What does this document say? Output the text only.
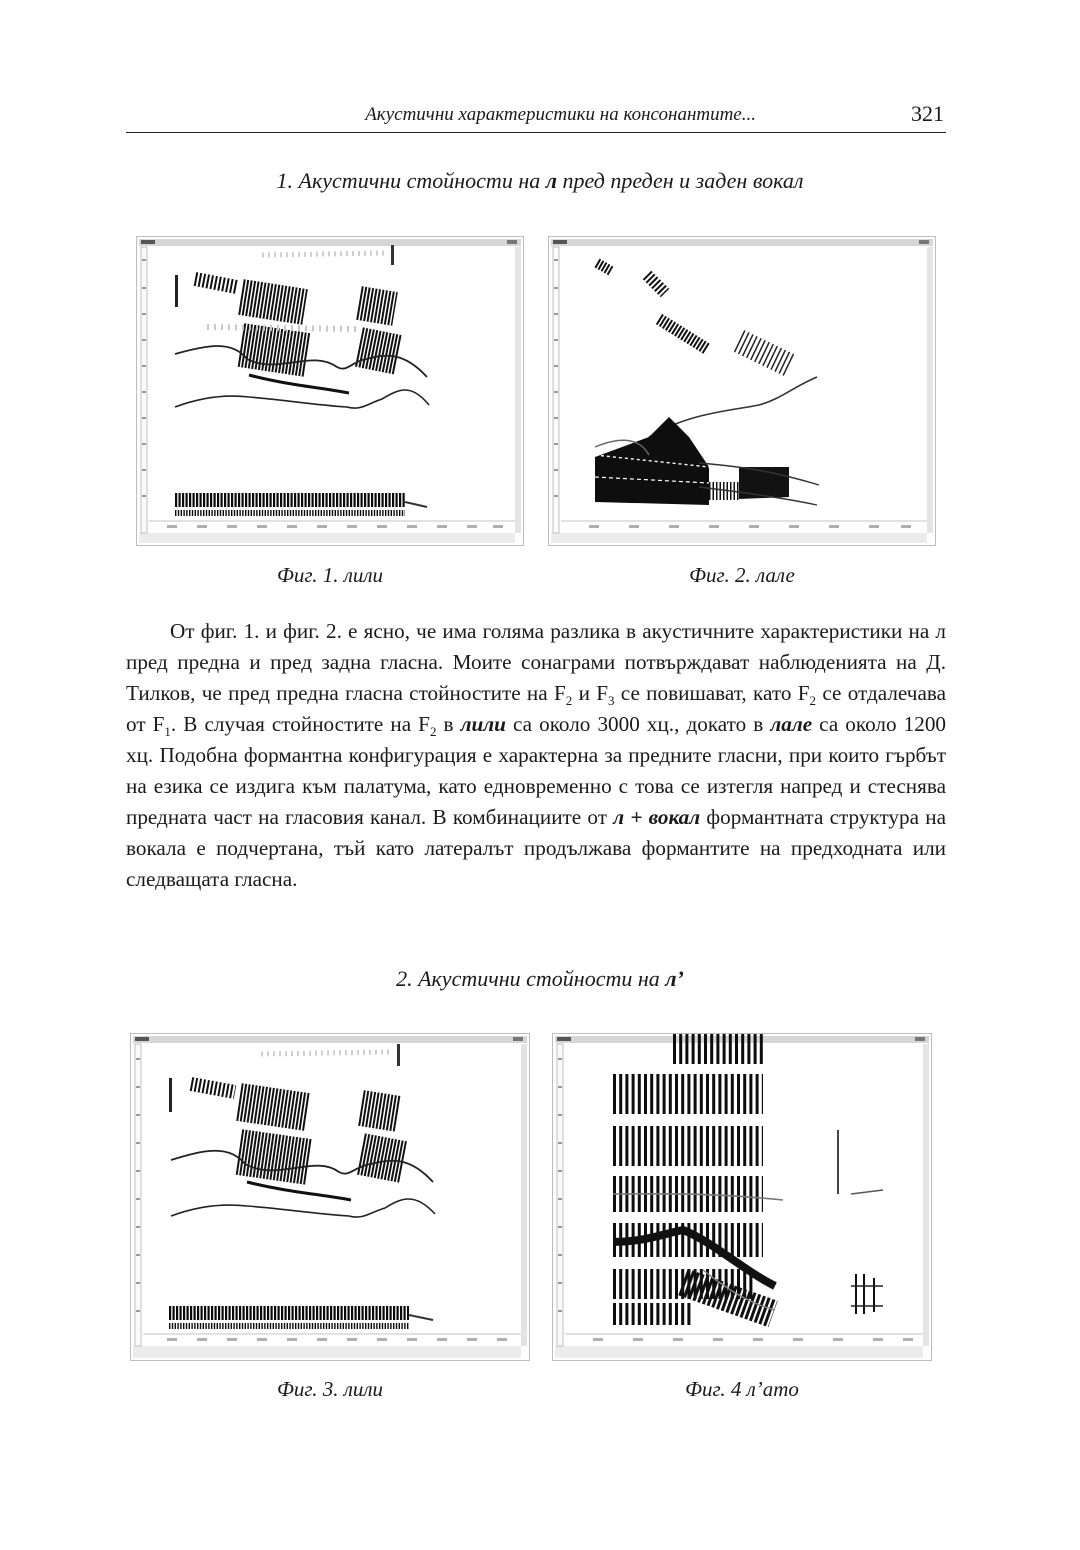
Акустични характеристики на консонантите...	321
1. Акустични стойности на л пред преден и заден вокал
Фиг. 1. лили	Фиг. 2. лале

От фиг. 1. и фиг. 2. е ясно, че има голяма разлика в акустичните характеристики на л пред предна и пред задна гласна. Моите сонаграми потвърждават наблюденията на Д. Тилков, че пред предна гласна стойностите на $F_2$ и $F_3$ се повишават, като $F_2$ се отдалечава от $F_1$. В случая стойностите на $F_2$ в лили са около 3000 хц., докато в лале са около 1200 хц. Подобна формантна конфигурация е характерна за предните гласни, при които гърбът на езика се издига към палатума, като едновременно с това се изтегля напред и стеснява предната част на гласовия канал. В комбинациите от л + вокал формантната структура на вокала е подчертана, тъй като латералът продължава формантите на предходната или следващата гласна.

2. Акустични стойности на л’
Фиг. 3. лили	Фиг. 4 л’ато
